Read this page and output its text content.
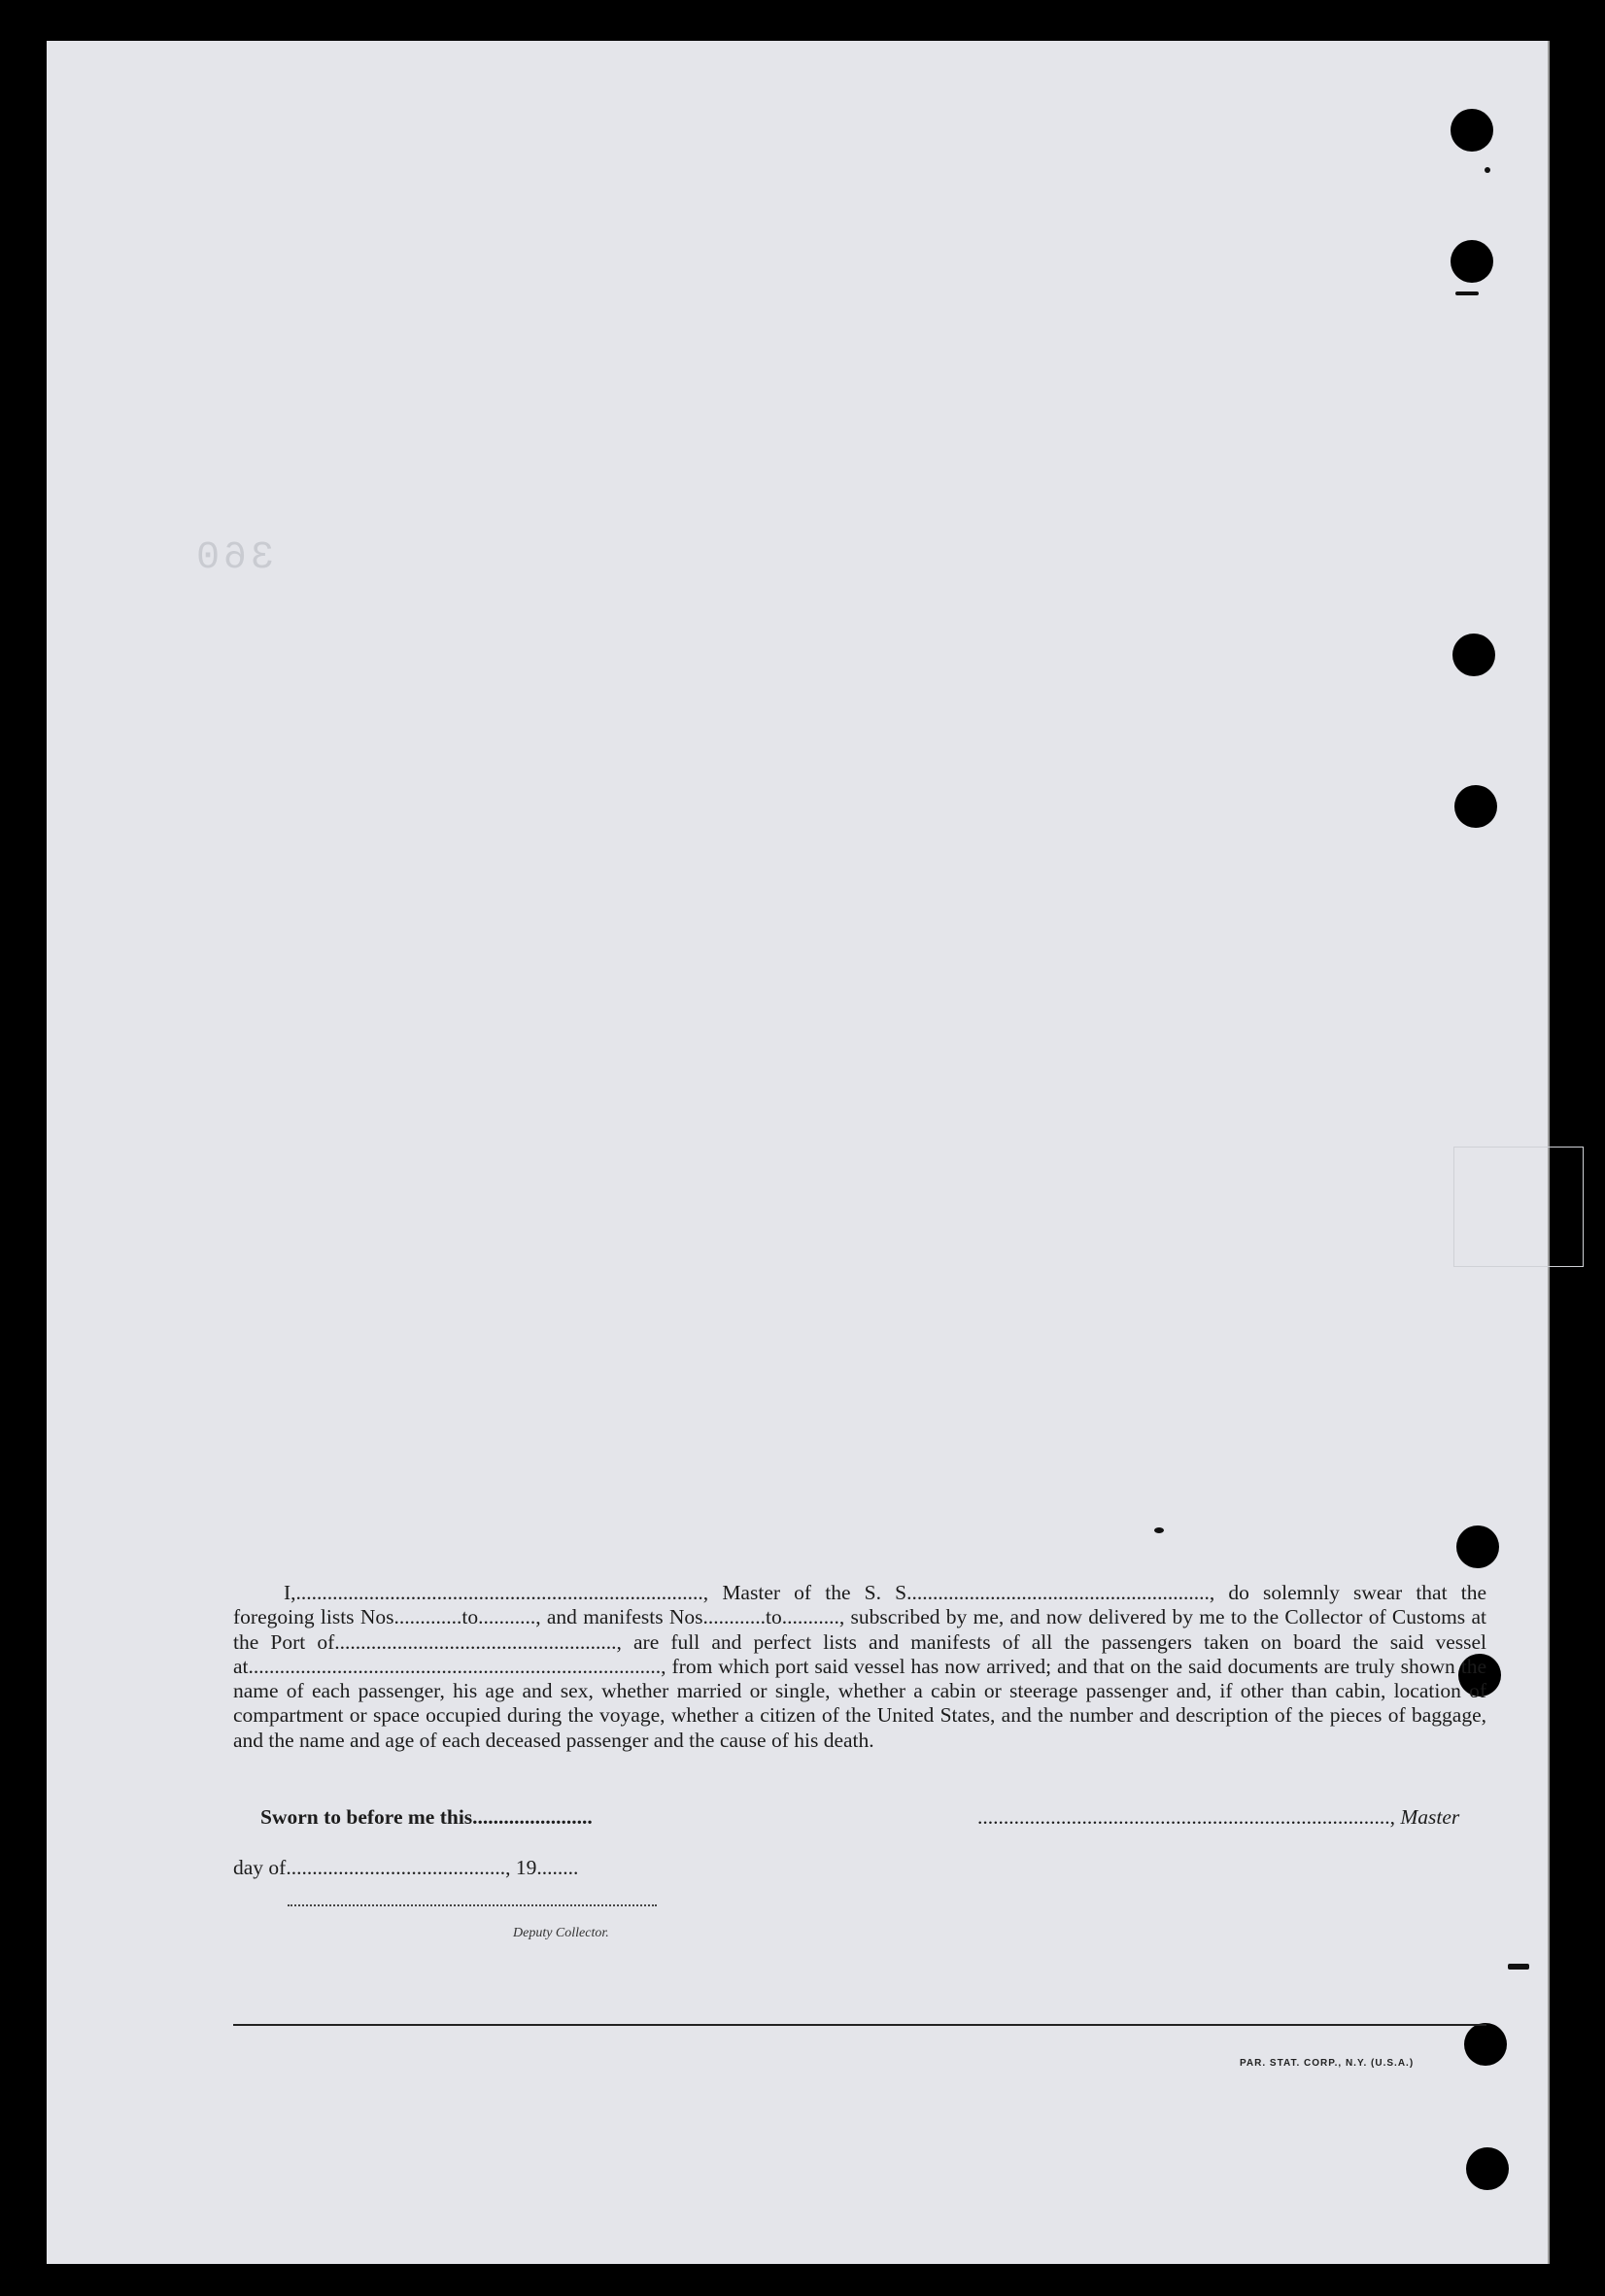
360

I,.............................................................................., Master of the S. S.........................................................., do solemnly swear that the foregoing lists Nos.............to..........., and manifests Nos............to..........., subscribed by me, and now delivered by me to the Collector of Customs at the Port of......................................................, are full and perfect lists and manifests of all the passengers taken on board the said vessel at..............................................................................., from which port said vessel has now arrived; and that on the said documents are truly shown the name of each passenger, his age and sex, whether married or single, whether a cabin or steerage passenger and, if other than cabin, location of compartment or space occupied during the voyage, whether a citizen of the United States, and the number and description of the pieces of baggage, and the name and age of each deceased passenger and the cause of his death.

Sworn to before me this.......................	..............................................................................., Master
day of.........................................., 19........
Deputy Collector.
PAR. STAT. CORP., N.Y. (U.S.A.)
